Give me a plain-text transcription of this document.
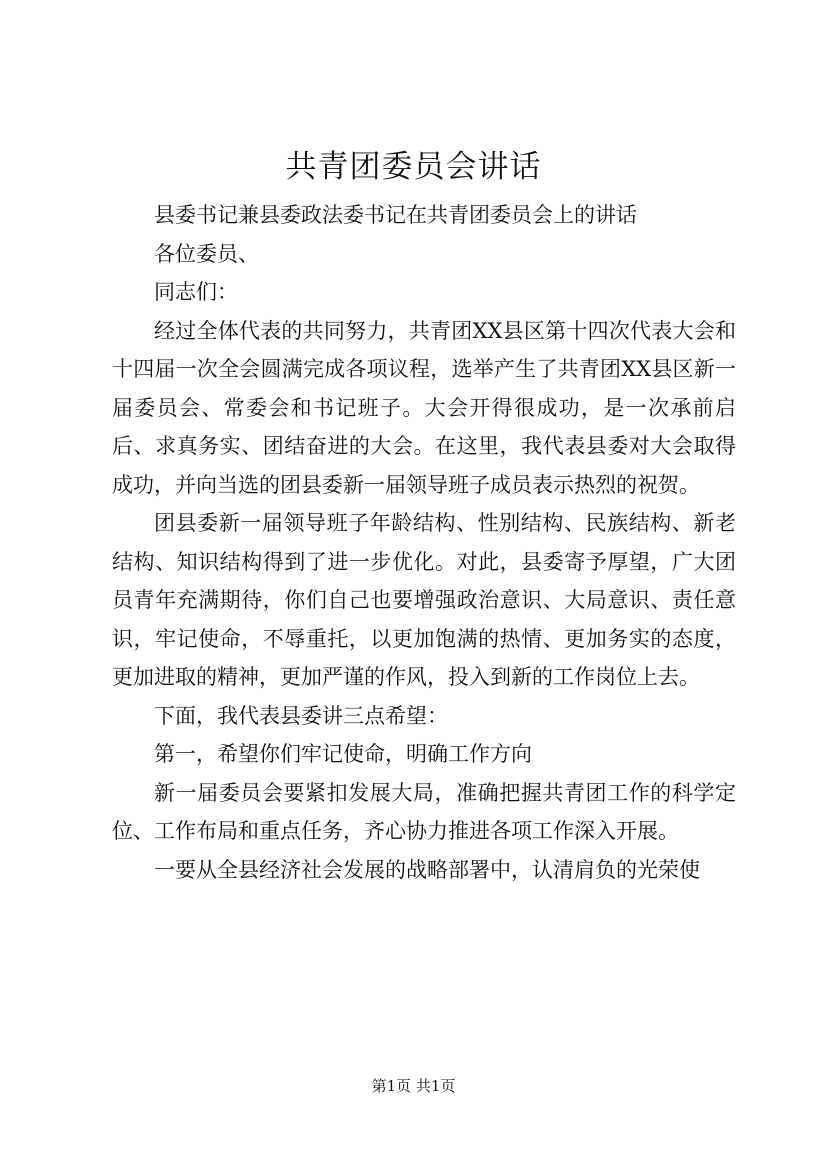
共青团委员会讲话

县委书记兼县委政法委书记在共青团委员会上的讲话

各位委员、

同志们：

经过全体代表的共同努力，共青团XX县区第十四次代表大会和十四届一次全会圆满完成各项议程，选举产生了共青团XX县区新一届委员会、常委会和书记班子。大会开得很成功，是一次承前启后、求真务实、团结奋进的大会。在这里，我代表县委对大会取得成功，并向当选的团县委新一届领导班子成员表示热烈的祝贺。

团县委新一届领导班子年龄结构、性别结构、民族结构、新老结构、知识结构得到了进一步优化。对此，县委寄予厚望，广大团员青年充满期待，你们自己也要增强政治意识、大局意识、责任意识，牢记使命，不辱重托，以更加饱满的热情、更加务实的态度，更加进取的精神，更加严谨的作风，投入到新的工作岗位上去。

下面，我代表县委讲三点希望：

第一，希望你们牢记使命，明确工作方向

新一届委员会要紧扣发展大局，准确把握共青团工作的科学定位、工作布局和重点任务，齐心协力推进各项工作深入开展。

一要从全县经济社会发展的战略部署中，认清肩负的光荣使

第1页 共1页
